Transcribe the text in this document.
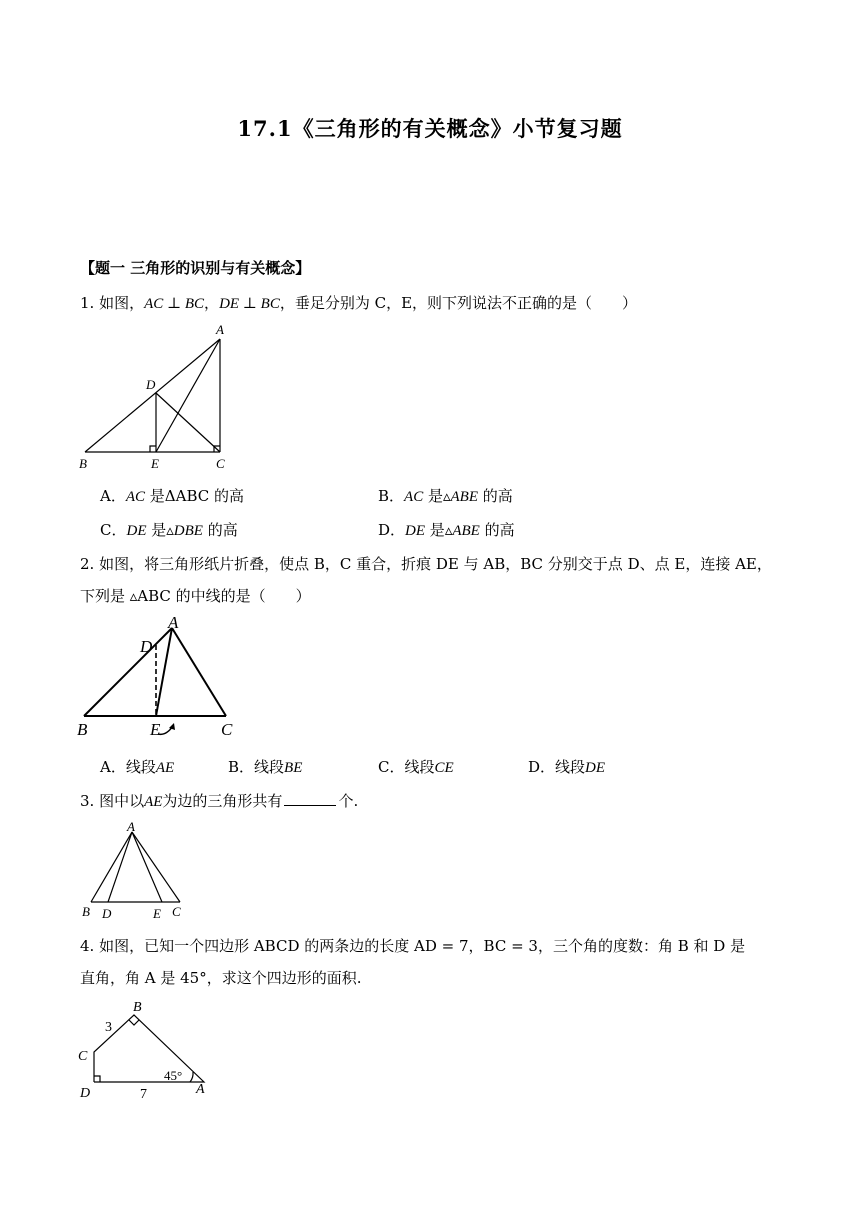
17.1《三角形的有关概念》小节复习题
【题一 三角形的识别与有关概念】
1. 如图，AC ⊥ BC，DE ⊥ BC，垂足分别为 C，E，则下列说法不正确的是（　　）
A
B	C
D
E
A．AC 是ΔABC 的高	B．AC 是▵ABE 的高
C．DE 是▵DBE 的高	D．DE 是▵ABE 的高
2. 如图，将三角形纸片折叠，使点 B，C 重合，折痕 DE 与 AB，BC 分别交于点 D、点 E，连接 AE，
下列是 ▵ABC 的中线的是（　　）
A
D
B	E	C
A．线段AE	B．线段BE	C．线段CE	D．线段DE
3. 图中以AE为边的三角形共有	个.
A
B D	E C
4. 如图，已知一个四边形 ABCD 的两条边的长度 AD = 7，BC = 3，三个角的度数：角 B 和 D 是
直角，角 A 是 45°，求这个四边形的面积.
B
C
D	A
3
7
45°
